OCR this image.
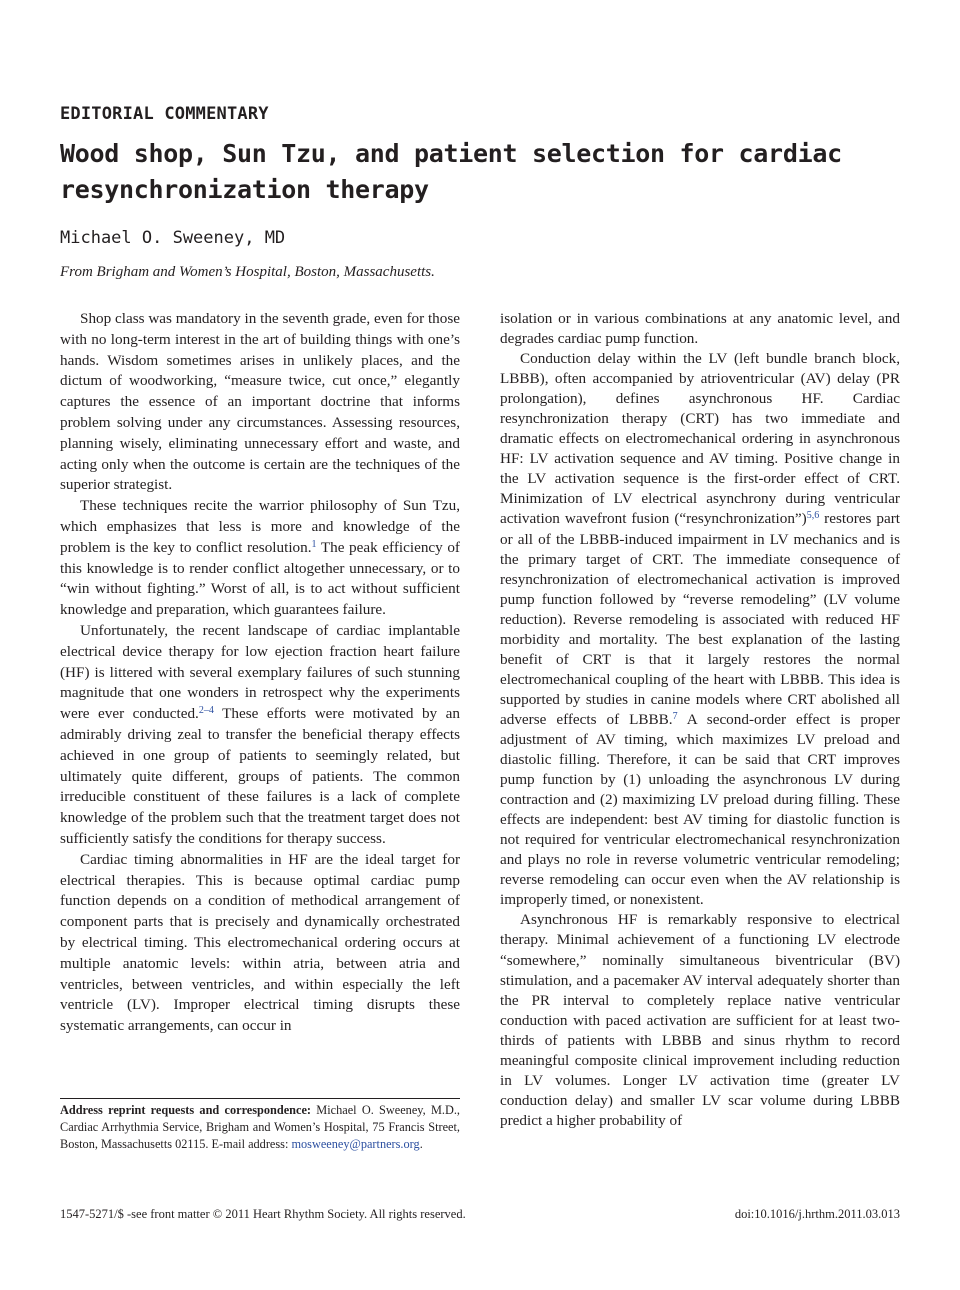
EDITORIAL COMMENTARY
Wood shop, Sun Tzu, and patient selection for cardiac resynchronization therapy
Michael O. Sweeney, MD
From Brigham and Women’s Hospital, Boston, Massachusetts.

Shop class was mandatory in the seventh grade, even for those with no long-term interest in the art of building things with one’s hands. Wisdom sometimes arises in unlikely places, and the dictum of woodworking, “measure twice, cut once,” elegantly captures the essence of an important doctrine that informs problem solving under any circumstances. Assessing resources, planning wisely, eliminating unnecessary effort and waste, and acting only when the outcome is certain are the techniques of the superior strategist.

These techniques recite the warrior philosophy of Sun Tzu, which emphasizes that less is more and knowledge of the problem is the key to conflict resolution.$^1$ The peak efficiency of this knowledge is to render conflict altogether unnecessary, or to “win without fighting.” Worst of all, is to act without sufficient knowledge and preparation, which guarantees failure.

Unfortunately, the recent landscape of cardiac implantable electrical device therapy for low ejection fraction heart failure (HF) is littered with several exemplary failures of such stunning magnitude that one wonders in retrospect why the experiments were ever conducted.$^{2-4}$ These efforts were motivated by an admirably driving zeal to transfer the beneficial therapy effects achieved in one group of patients to seemingly related, but ultimately quite different, groups of patients. The common irreducible constituent of these failures is a lack of complete knowledge of the problem such that the treatment target does not sufficiently satisfy the conditions for therapy success.

Cardiac timing abnormalities in HF are the ideal target for electrical therapies. This is because optimal cardiac pump function depends on a condition of methodical arrangement of component parts that is precisely and dynamically orchestrated by electrical timing. This electromechanical ordering occurs at multiple anatomic levels: within atria, between atria and ventricles, between ventricles, and within especially the left ventricle (LV). Improper electrical timing disrupts these systematic arrangements, can occur in

isolation or in various combinations at any anatomic level, and degrades cardiac pump function.

Conduction delay within the LV (left bundle branch block, LBBB), often accompanied by atrioventricular (AV) delay (PR prolongation), defines asynchronous HF. Cardiac resynchronization therapy (CRT) has two immediate and dramatic effects on electromechanical ordering in asynchronous HF: LV activation sequence and AV timing. Positive change in the LV activation sequence is the first-order effect of CRT. Minimization of LV electrical asynchrony during ventricular activation wavefront fusion (“resynchronization”)$^{5,6}$ restores part or all of the LBBB-induced impairment in LV mechanics and is the primary target of CRT. The immediate consequence of resynchronization of electromechanical activation is improved pump function followed by “reverse remodeling” (LV volume reduction). Reverse remodeling is associated with reduced HF morbidity and mortality. The best explanation of the lasting benefit of CRT is that it largely restores the normal electromechanical coupling of the heart with LBBB. This idea is supported by studies in canine models where CRT abolished all adverse effects of LBBB.$^7$ A second-order effect is proper adjustment of AV timing, which maximizes LV preload and diastolic filling. Therefore, it can be said that CRT improves pump function by (1) unloading the asynchronous LV during contraction and (2) maximizing LV preload during filling. These effects are independent: best AV timing for diastolic function is not required for ventricular electromechanical resynchronization and plays no role in reverse volumetric ventricular remodeling; reverse remodeling can occur even when the AV relationship is improperly timed, or nonexistent.

Asynchronous HF is remarkably responsive to electrical therapy. Minimal achievement of a functioning LV electrode “somewhere,” nominally simultaneous biventricular (BV) stimulation, and a pacemaker AV interval adequately shorter than the PR interval to completely replace native ventricular conduction with paced activation are sufficient for at least two-thirds of patients with LBBB and sinus rhythm to record meaningful composite clinical improvement including reduction in LV volumes. Longer LV activation time (greater LV conduction delay) and smaller LV scar volume during LBBB predict a higher probability of

Address reprint requests and correspondence: Michael O. Sweeney, M.D., Cardiac Arrhythmia Service, Brigham and Women’s Hospital, 75 Francis Street, Boston, Massachusetts 02115. E-mail address: mosweeney@partners.org.
1547-5271/$ -see front matter © 2011 Heart Rhythm Society. All rights reserved.	doi:10.1016/j.hrthm.2011.03.013
